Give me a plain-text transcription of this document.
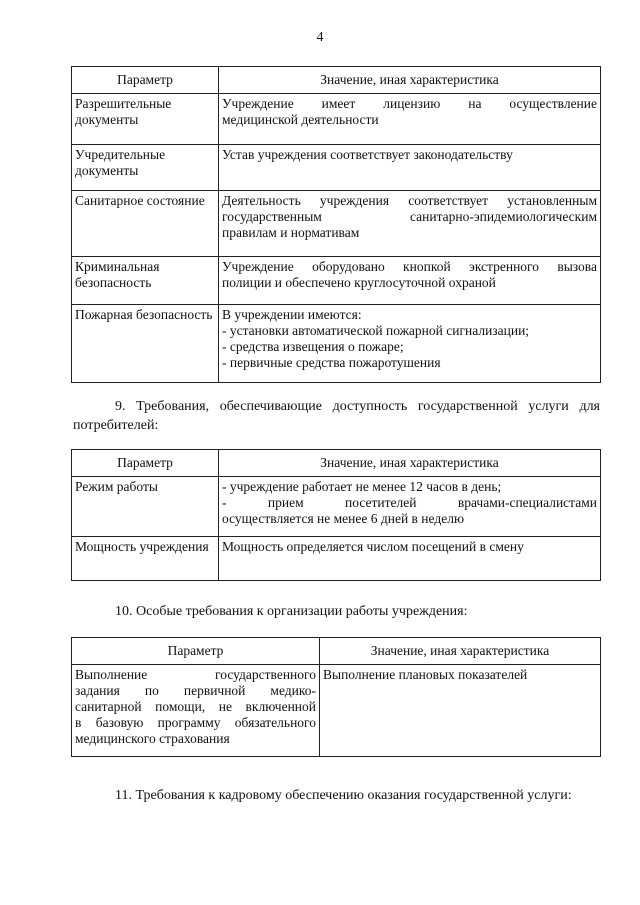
4
Параметр	Значение, иная характеристика
Разрешительные документы	Учреждение имеет лицензию на осуществление
медицинской деятельности

Учредительные документы	Устав учреждения соответствует законодательству

Санитарное состояние	Деятельность учреждения соответствует установленным
государственным санитарно-эпидемиологическим
правилам и нормативам

Криминальная безопасность	Учреждение оборудовано кнопкой экстренного вызова
полиции и обеспечено круглосуточной охраной

Пожарная безопасность	В учреждении имеются:
- установки автоматической пожарной сигнализации;
- средства извещения о пожаре;
- первичные средства пожаротушения
9. Требования, обеспечивающие доступность государственной услуги для потребителей:
Параметр	Значение, иная характеристика
Режим работы	- учреждение работает не менее 12 часов в день;
- прием посетителей врачами-специалистами
осуществляется не менее 6 дней в неделю

Мощность учреждения	Мощность определяется числом посещений в смену
10. Особые требования к организации работы учреждения:
Параметр	Значение, иная характеристика

Выполнение государственного
задания по первичной медико-
санитарной помощи, не включенной
в базовую программу обязательного
медицинского страхования	Выполнение плановых показателей
11. Требования к кадровому обеспечению оказания государственной услуги:
